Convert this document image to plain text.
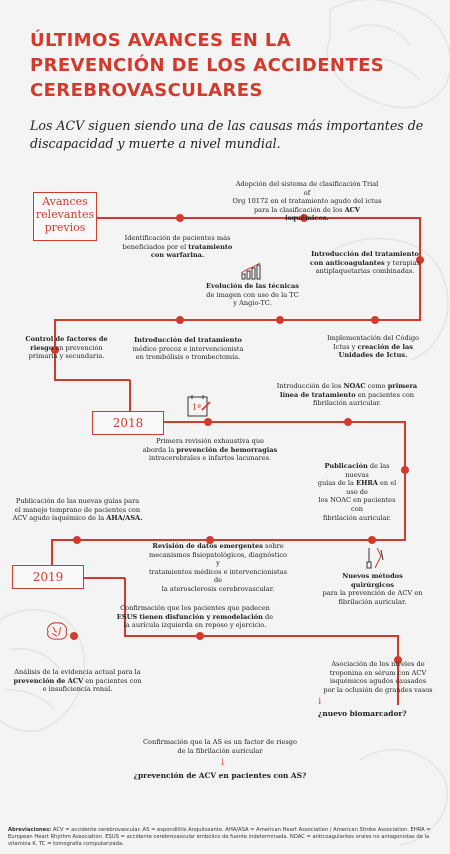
ÚLTIMOS AVANCES EN LA
PREVENCIÓN DE LOS ACCIDENTES
CEREBROVASCULARES
Los ACV siguen siendo una de las causas más importantes de discapacidad y muerte a nivel mundial.
Avances
relevantes
previos
2018
2019
Adopción del sistema de clasificación Trial of
Org 10172 en el tratamiento agudo del ictus
para la clasificación de los ACV isquémicos.
Identificación de pacientes más
beneficiados por el tratamiento
con warfarina.	Introducción del tratamiento
con anticoagulantes y terapias
antiplaquetarias combinadas.
Evolución de las técnicas
de imagen con uso de la TC
y Angio-TC.
Control de factores de
riesgo en prevención
primaria y secundaria.
Introducción del tratamiento
médico precoz e intervencionista
en trombólisis o trombectomía.
Implementación del Código
Ictus y creación de las
Unidades de Ictus.
Introducción de los NOAC como primera
línea de tratamiento en pacientes con
fibrilación auricular.
1ª
Primera revisión exhaustiva que
aborda la prevención de hemorragias
intracerebrales e infartos lacunares.
Publicación de las nuevas
guías de la EHRA en el uso de
los NOAC en pacientes con
fibrilación auricular.
Publicación de las nuevas guías para
el manejo temprano de pacientes con
ACV agudo isquémico de la AHA/ASA.
Revisión de datos emergentes sobre
mecanismos fisiopatológicos, diagnóstico y
tratamientos médicos e intervencionistas de
la aterosclerosis cerebrovascular.
Nuevos métodos quirúrgicos
para la prevención de ACV en
fibrilación auricular.
Confirmación que los pacientes que padecen
ESUS tienen disfunción y remodelación de
la aurícula izquierda en reposo y ejercicio.
Análisis de la evidencia actual para la
prevención de ACV en pacientes con
e insuficiencia renal.
Asociación de los niveles de
troponina en sérum con ACV
isquémicos agudos causados
por la oclusión de grandes vasos
↓
¿nuevo biomarcador?
Confirmación que la AS es un factor de riesgo
de la fibrilación auricular
↓
¿prevención de ACV en pacientes con AS?
Abreviaciones: ACV = accidente cerebrovascular. AS = espondilitis Anquilosante. AHA/ASA = American Heart Association / American Stroke Association. EHRA = European Heart Rhythm Association. ESUS = accidente cerebrovascular embólico de fuente indeterminada. NOAC = anticoagulantes orales no antagonistas de la vitamina K. TC = tomografía computarizada.
